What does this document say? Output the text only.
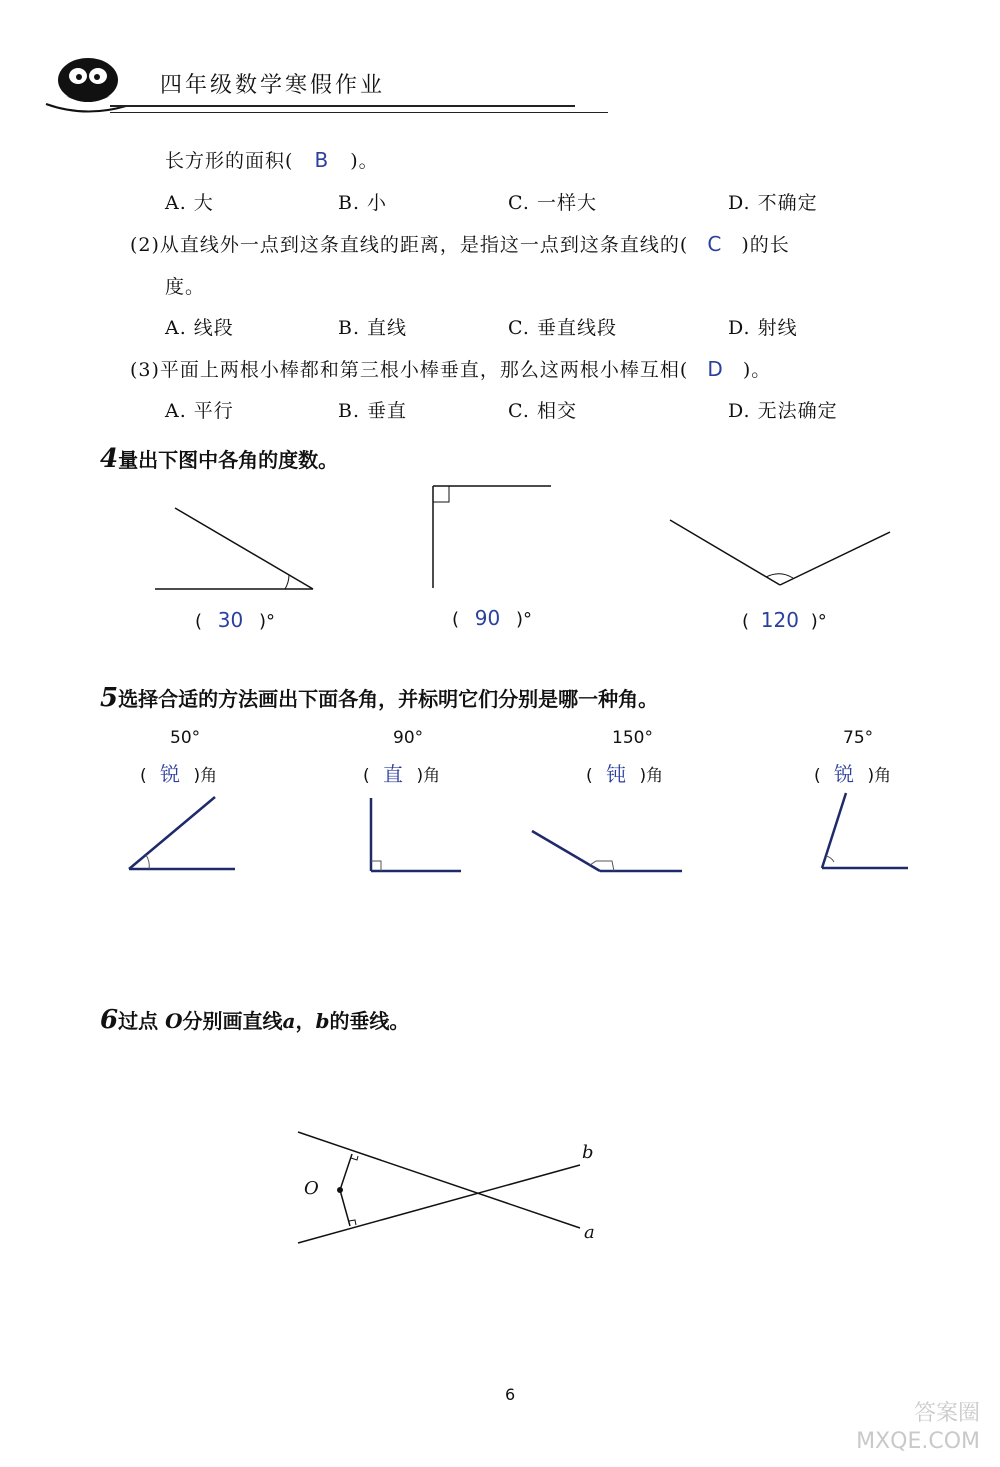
四年级数学寒假作业
长方形的面积( B )。
A. 大	B. 小	C. 一样大	D. 不确定
(2)从直线外一点到这条直线的距离，是指这一点到这条直线的( C )的长
度。
A. 线段	B. 直线	C. 垂直线段	D. 射线
(3)平面上两根小棒都和第三根小棒垂直，那么这两根小棒互相( D )。
A. 平行	B. 垂直	C. 相交	D. 无法确定
4量出下图中各角的度数。
( 30 )°	( 90 )°	( 120 )°
5选择合适的方法画出下面各角，并标明它们分别是哪一种角。
50°	90°	150°	75°
( 锐 )角	( 直 )角	( 钝 )角	( 锐 )角
6过点 O分别画直线a，b的垂线。
O
b
a
6
答案圈
MXQE.COM
